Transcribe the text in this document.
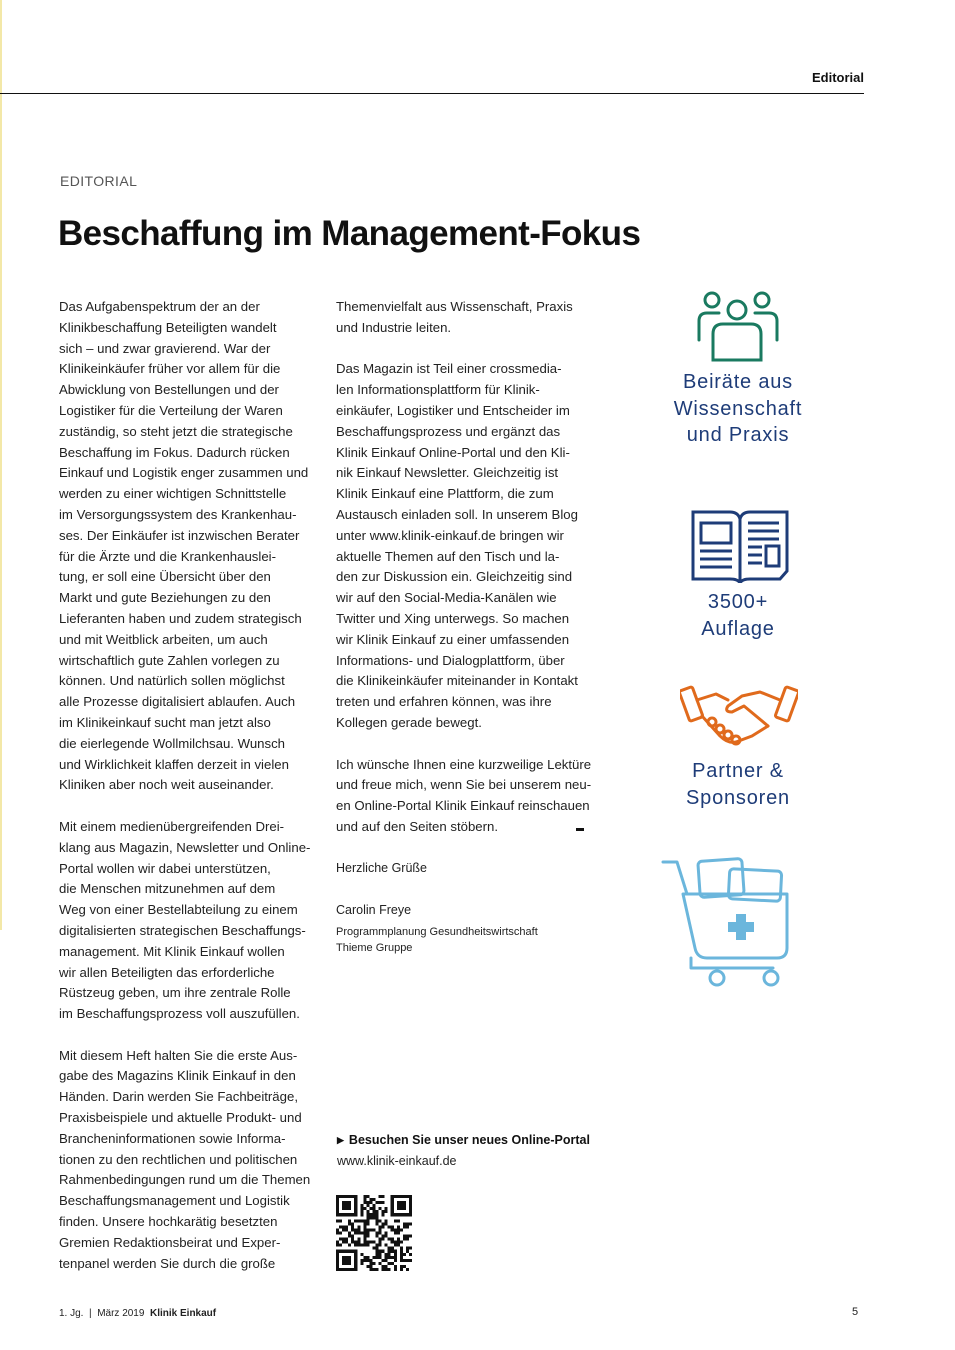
Editorial
EDITORIAL
Beschaffung im Management-Fokus
Das Aufgabenspektrum der an der
Klinikbeschaffung Beteiligten wandelt
sich – und zwar gravierend. War der
Klinikeinkäufer früher vor allem für die
Abwicklung von Bestellungen und der
Logistiker für die Verteilung der Waren
zuständig, so steht jetzt die strategische
Beschaffung im Fokus. Dadurch rücken
Einkauf und Logistik enger zusammen und
werden zu einer wichtigen Schnittstelle
im Versorgungssystem des Krankenhau-
ses. Der Einkäufer ist inzwischen Berater
für die Ärzte und die Krankenhauslei-
tung, er soll eine Übersicht über den
Markt und gute Beziehungen zu den
Lieferanten haben und zudem strategisch
und mit Weitblick arbeiten, um auch
wirtschaftlich gute Zahlen vorlegen zu
können. Und natürlich sollen möglichst
alle Prozesse digitalisiert ablaufen. Auch
im Klinikeinkauf sucht man jetzt also
die eierlegende Wollmilchsau. Wunsch
und Wirklichkeit klaffen derzeit in vielen
Kliniken aber noch weit auseinander.
Mit einem medienübergreifenden Drei-
klang aus Magazin, Newsletter und Online-
Portal wollen wir dabei unterstützen,
die Menschen mitzunehmen auf dem
Weg von einer Bestellabteilung zu einem
digitalisierten strategischen Beschaffungs-
management. Mit Klinik Einkauf wollen
wir allen Beteiligten das erforderliche
Rüstzeug geben, um ihre zentrale Rolle
im Beschaffungsprozess voll auszufüllen.
Mit diesem Heft halten Sie die erste Aus-
gabe des Magazins Klinik Einkauf in den
Händen. Darin werden Sie Fachbeiträge,
Praxisbeispiele und aktuelle Produkt- und
Brancheninformationen sowie Informa-
tionen zu den rechtlichen und politischen
Rahmenbedingungen rund um die Themen
Beschaffungsmanagement und Logistik
finden. Unsere hochkarätig besetzten
Gremien Redaktionsbeirat und Exper-
tenpanel werden Sie durch die große
Themenvielfalt aus Wissenschaft, Praxis
und Industrie leiten.
Das Magazin ist Teil einer crossmedia-
len Informationsplattform für Klinik-
einkäufer, Logistiker und Entscheider im
Beschaffungsprozess und ergänzt das
Klinik Einkauf Online-Portal und den Kli-
nik Einkauf Newsletter. Gleichzeitig ist
Klinik Einkauf eine Plattform, die zum
Austausch einladen soll. In unserem Blog
unter www.klinik-einkauf.de bringen wir
aktuelle Themen auf den Tisch und la-
den zur Diskussion ein. Gleichzeitig sind
wir auf den Social-Media-Kanälen wie
Twitter und Xing unterwegs. So machen
wir Klinik Einkauf zu einer umfassenden
Informations- und Dialogplattform, über
die Klinikeinkäufer miteinander in Kontakt
treten und erfahren können, was ihre
Kollegen gerade bewegt.
Ich wünsche Ihnen eine kurzweilige Lektüre
und freue mich, wenn Sie bei unserem neu-
en Online-Portal Klinik Einkauf reinschauen
und auf den Seiten stöbern.
Herzliche Grüße
Carolin Freye
Programmplanung Gesundheitswirtschaft
Thieme Gruppe
▶ Besuchen Sie unser neues Online-Portal
www.klinik-einkauf.de
Beiräte aus
Wissenschaft
und Praxis
3500+
Auflage
Partner &
Sponsoren
1. Jg.  |  März 2019 Klinik Einkauf	5
